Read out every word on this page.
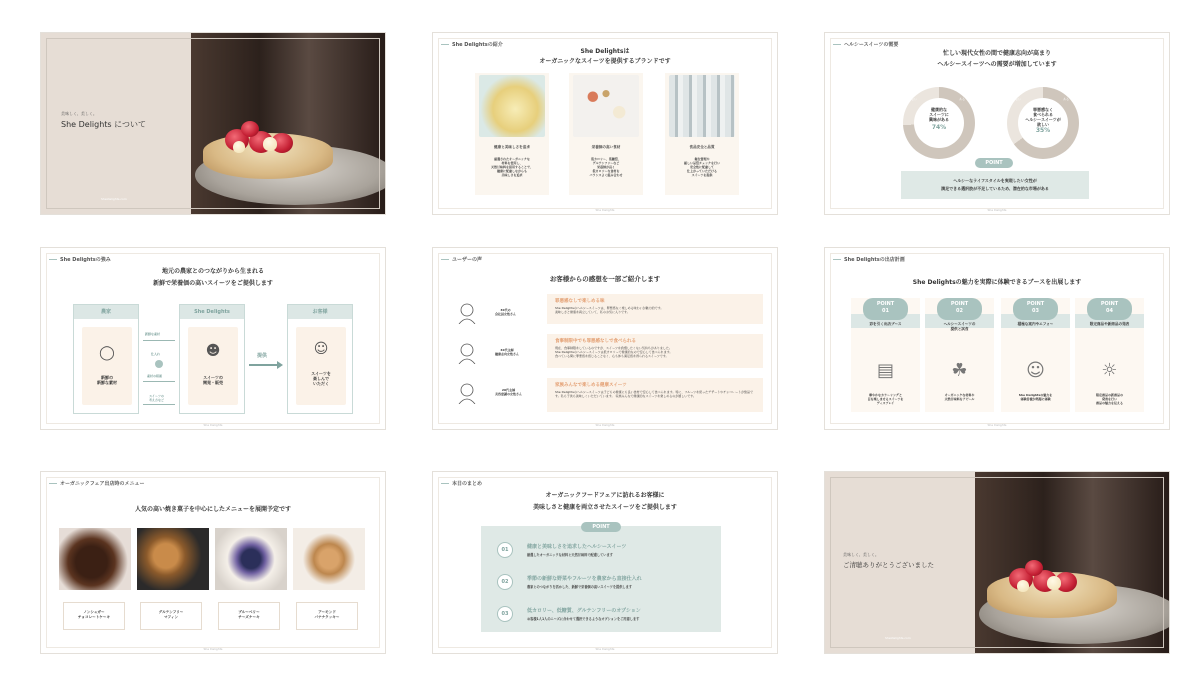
美味しく、美しく。
She Delights について
Sheldelights.com
She Delightsの紹介
She Delightsは
オーガニックなスイーツを提供するブランドです
健康と美味しさを追求
厳選されたオーガニックな
材料を使用し、
天然甘味料を採用することで、
健康に配慮しながらも
美味しさを追求
栄養価の高い食材
低カロリー、低糖質、
グルテンフリーなど
栄養価が高く
低カロリーな食材を
バランスよく組み合わせ
食品安全と品質
衛生管理や
厳しい品質チェックを行い
安全性に配慮して
仕上がっていただける
スイーツを提供
She Delights
ヘルシースイーツの需要
忙しい現代女性の間で健康志向が高まり
ヘルシースイーツへの需要が増加しています
健康的な
スイーツに
興味がある
74%
ない	ある
罪悪感なく
食べられる
ヘルシースイーツが
欲しい
35%
ない	ある
POINT
ヘルシーなライフスタイルを実現したい女性が
満足できる選択肢が不足しているため、潜在的な市場がある
She Delights
She Delightsの強み
地元の農家とのつながりから生まれる
新鮮で栄養価の高いスイーツをご提供します
農家
◯
新鮮の
新鮮な素材
She Delights
☻
スイーツの
開発・販売
お客様
☺
スイーツを
楽しんで
いただく
新鮮な素材
仕入れ
素材の相談
スイーツの
考え方など
提供
She Delights
ユーザーの声
お客様からの感想を一部ご紹介します
30代の
会社員女性さん
罪悪感なしで楽しめる味
She Delightsのヘルシースイーツは、罪悪感なく楽しめる味わいが魅力的です。
美味しさと健康を両立していて、私のお気に入りです。
40代主婦
健康志向女性さん
食事制限中でも罪悪感なしで食べられる
現在、食事制限をしているのですが、スイーツを我慢したくない気持ちがありました。
She Delightsのヘルシースイーツは低カロリーで健康的なので安心して食べられます。
食べている間に罪悪感を感じることなく、心も体も満足感を得られるスイーツです。
20代主婦
美容意識の女性さん
家族みんなで楽しめる健康スイーツ
She Delightsのヘルシースイーツは子どもの健康にも良い食材で安心して食べられます。特に、フルーツを使ったデザートやチョコレートが絶品です。私も子供も美味しくいただいています。 家族みんなで健康的なスイーツを楽しめるのが嬉しいです。
She Delights
She Delightsの出店計画
She Delightsの魅力を実際に体験できるブースを出展します
POINT
01
彩を引く出店ブース
▤
華やかなカラーリングと
目を楽しませるスイーツを
ディスプレイ
POINT
02
ヘルシースイーツの
提供と試食
☘
オーガニックな材料や
天然甘味料をアピール
POINT
03
積極な案内やエフォー
☺
She Delightsの魅力を
体験者様が笑顔に体験
POINT
04
限定商品や新商品の発表
☼
限定商品の新商品の
発表を行い
商品の魅力を伝える
She Delights
オーガニックフェア出店時のメニュー
人気の高い焼き菓子を中心にしたメニューを展開予定です
ノンシュガー
チョコレートケーキ
グルテンフリー
マフィン
ブルーベリー
チーズケーキ
アーモンド
バナナクッキー
She Delights
本日のまとめ
オーガニックフードフェアに訪れるお客様に
美味しさと健康を両立させたスイーツをご提供します
POINT
01	健康と美味しさを追求したヘルシースイーツ
厳選したオーガニックな材料と天然甘味料で配慮しています
02	季節の新鮮な野菜やフルーツを農家から直接仕入れ
農家とのつながりを活かした、新鮮で栄養価の高いスイーツを提供します
03	低カロリー、低糖質、グルテンフリーのオプション
お客様1人1人のニーズに合わせて選択できるようなオプションをご用意します
She Delights
美味しく、美しく。
ご清聴ありがとうございました
Sheldelights.com
